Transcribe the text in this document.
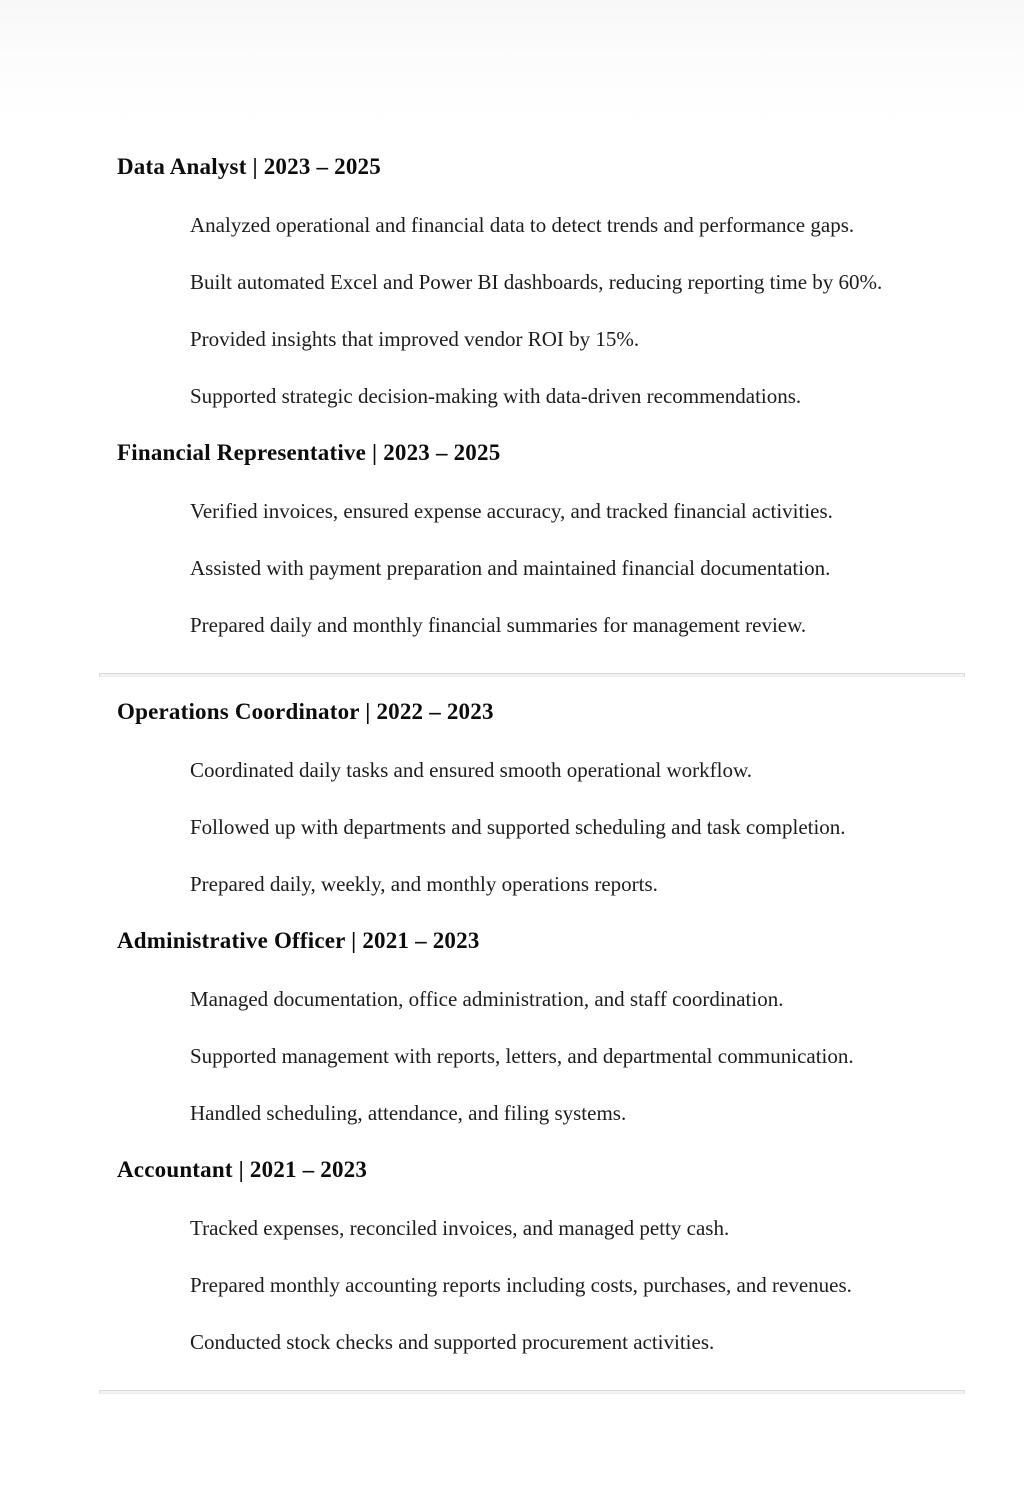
Data Analyst | 2023 – 2025

Analyzed operational and financial data to detect trends and performance gaps.

Built automated Excel and Power BI dashboards, reducing reporting time by 60%.

Provided insights that improved vendor ROI by 15%.

Supported strategic decision-making with data-driven recommendations.

Financial Representative | 2023 – 2025

Verified invoices, ensured expense accuracy, and tracked financial activities.

Assisted with payment preparation and maintained financial documentation.

Prepared daily and monthly financial summaries for management review.

Operations Coordinator | 2022 – 2023

Coordinated daily tasks and ensured smooth operational workflow.

Followed up with departments and supported scheduling and task completion.

Prepared daily, weekly, and monthly operations reports.

Administrative Officer | 2021 – 2023

Managed documentation, office administration, and staff coordination.

Supported management with reports, letters, and departmental communication.

Handled scheduling, attendance, and filing systems.

Accountant | 2021 – 2023

Tracked expenses, reconciled invoices, and managed petty cash.

Prepared monthly accounting reports including costs, purchases, and revenues.

Conducted stock checks and supported procurement activities.
